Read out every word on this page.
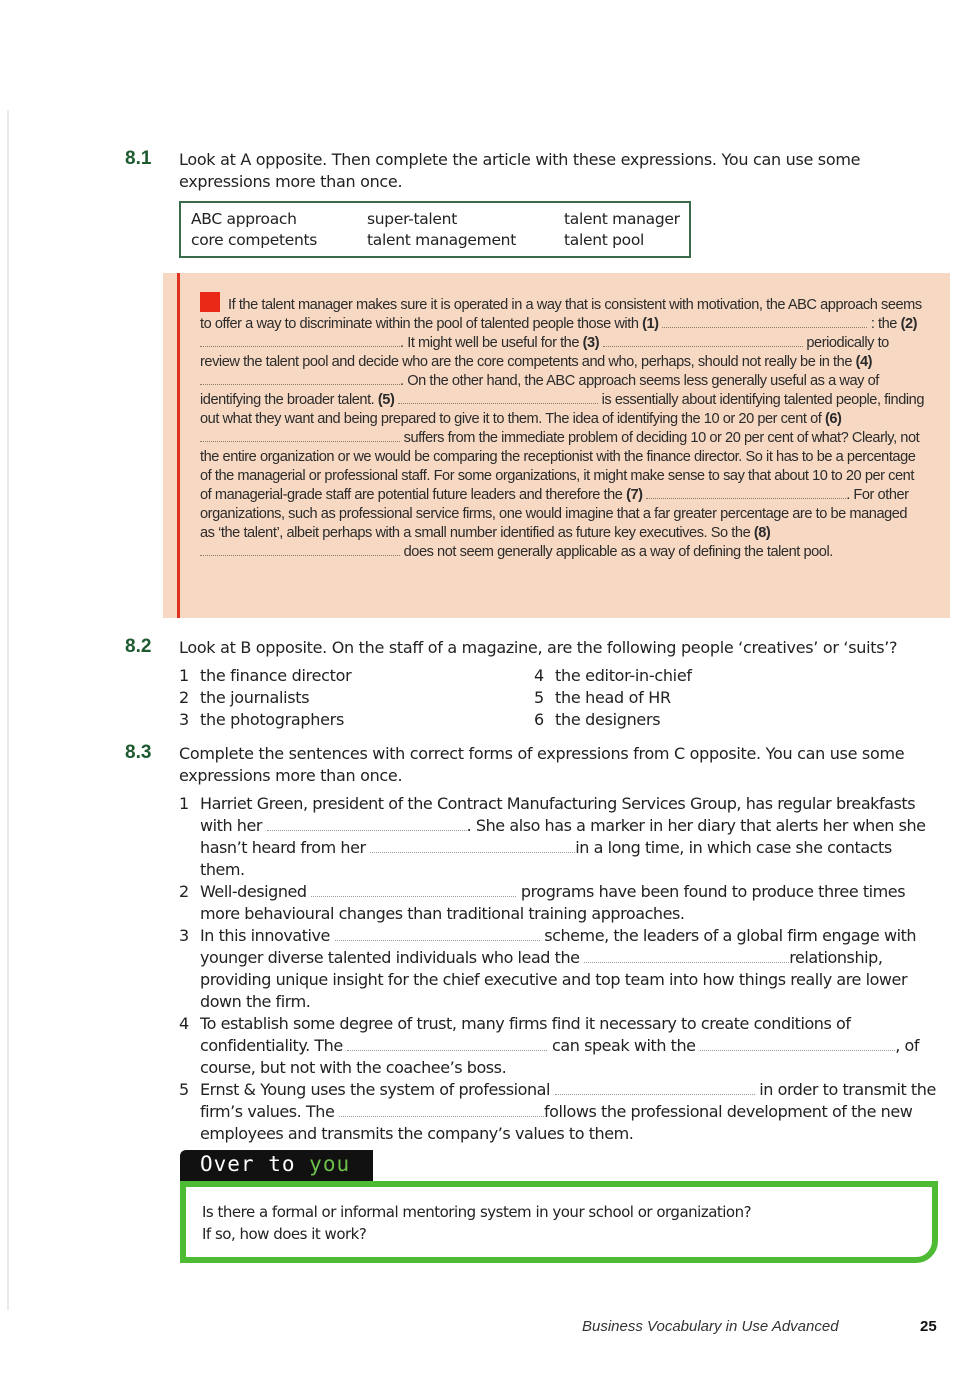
8.1 Look at A opposite. Then complete the article with these expressions. You can use some expressions more than once.
ABC approach	super-talent	talent manager
core competents	talent management	talent pool
If the talent manager makes sure it is operated in a way that is consistent with motivation, the ABC approach seems to offer a way to discriminate within the pool of talented people those with (1)	: the (2) . It might well be useful for the (3)	periodically to review the talent pool and decide who are the core competents and who, perhaps, should not really be in the (4) . On the other hand, the ABC approach seems less generally useful as a way of identifying the broader talent. (5)	is essentially about identifying talented people, finding out what they want and being prepared to give it to them. The idea of identifying the 10 or 20 per cent of (6)  suffers from the immediate problem of deciding 10 or 20 per cent of what? Clearly, not the entire organization or we would be comparing the receptionist with the finance director. So it has to be a percentage of the managerial or professional staff. For some organizations, it might make sense to say that about 10 to 20 per cent of managerial-grade staff are potential future leaders and therefore the (7)	. For other organizations, such as professional service firms, one would imagine that a far greater percentage are to be managed as ‘the talent’, albeit perhaps with a small number identified as future key executives. So the (8)  does not seem generally applicable as a way of defining the talent pool.
8.2 Look at B opposite. On the staff of a magazine, are the following people ‘creatives’ or ‘suits’?
1 the finance director
2 the journalists
3 the photographers
4 the editor-in-chief
5 the head of HR
6 the designers
8.3 Complete the sentences with correct forms of expressions from C opposite. You can use some expressions more than once.
1 Harriet Green, president of the Contract Manufacturing Services Group, has regular breakfasts with her	. She also has a marker in her diary that alerts her when she hasn’t heard from her	in a long time, in which case she contacts them.
2 Well-designed	programs have been found to produce three times more behavioural changes than traditional training approaches.
3 In this innovative	scheme, the leaders of a global firm engage with younger diverse talented individuals who lead the	relationship, providing unique insight for the chief executive and top team into how things really are lower down the firm.
4 To establish some degree of trust, many firms find it necessary to create conditions of confidentiality. The	can speak with the	, of course, but not with the coachee’s boss.
5 Ernst & Young uses the system of professional	in order to transmit the firm’s values. The	follows the professional development of the new employees and transmits the company’s values to them.
Over to you
Is there a formal or informal mentoring system in your school or organization?
If so, how does it work?
Business Vocabulary in Use Advanced	25
